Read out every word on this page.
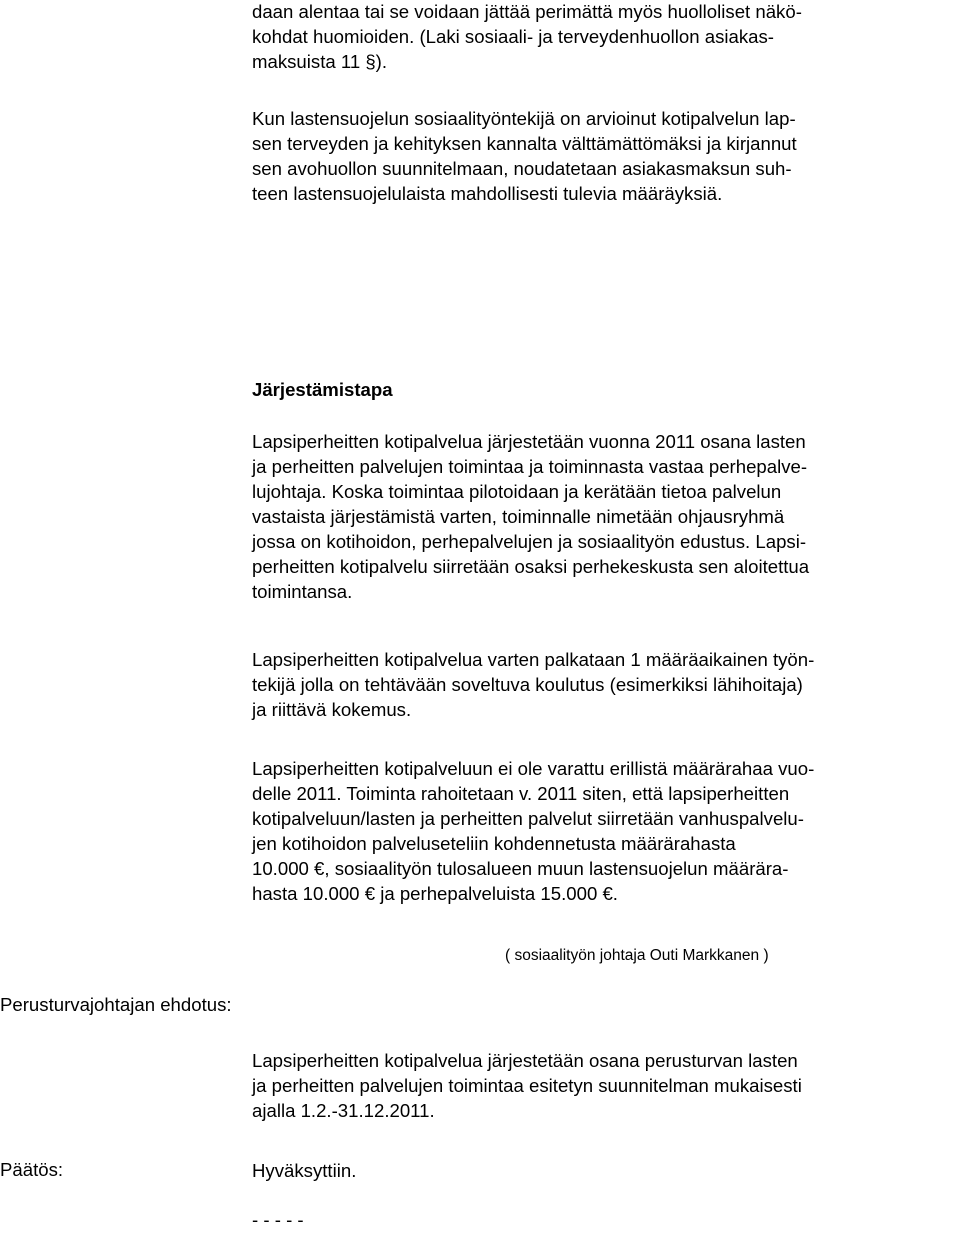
daan alentaa tai se voidaan jättää perimättä myös huolloliset näkö-

kohdat huomioiden. (Laki sosiaali- ja terveydenhuollon asiakas-

maksuista 11 §).

Kun lastensuojelun sosiaalityöntekijä on arvioinut kotipalvelun lap-

sen terveyden ja kehityksen kannalta välttämättömäksi ja kirjannut

sen avohuollon suunnitelmaan, noudatetaan asiakasmaksun suh-

teen lastensuojelulaista mahdollisesti tulevia määräyksiä.

Järjestämistapa

Lapsiperheitten kotipalvelua järjestetään vuonna 2011 osana lasten

ja perheitten palvelujen toimintaa ja toiminnasta vastaa perhepalve-

lujohtaja. Koska toimintaa pilotoidaan ja kerätään tietoa palvelun

vastaista järjestämistä varten, toiminnalle nimetään ohjausryhmä

jossa on kotihoidon, perhepalvelujen ja sosiaalityön edustus. Lapsi-

perheitten kotipalvelu siirretään osaksi perhekeskusta sen aloitettua

toimintansa.

Lapsiperheitten kotipalvelua varten palkataan 1 määräaikainen työn-

tekijä jolla on tehtävään soveltuva koulutus (esimerkiksi lähihoitaja)

ja riittävä kokemus.

Lapsiperheitten kotipalveluun ei ole varattu erillistä määrärahaa vuo-

delle 2011. Toiminta rahoitetaan v. 2011 siten, että lapsiperheitten

kotipalveluun/lasten ja perheitten palvelut siirretään vanhuspalvelu-

jen kotihoidon palveluseteliin kohdennetusta määrärahasta

10.000 €, sosiaalityön tulosalueen muun lastensuojelun määrära-

hasta 10.000 € ja perhepalveluista 15.000 €.

( sosiaalityön johtaja Outi Markkanen )

Perusturvajohtajan ehdotus:

Lapsiperheitten kotipalvelua järjestetään osana perusturvan lasten

ja perheitten palvelujen toimintaa esitetyn suunnitelman mukaisesti

ajalla 1.2.-31.12.2011.

Päätös:	Hyväksyttiin.

- - - - -
